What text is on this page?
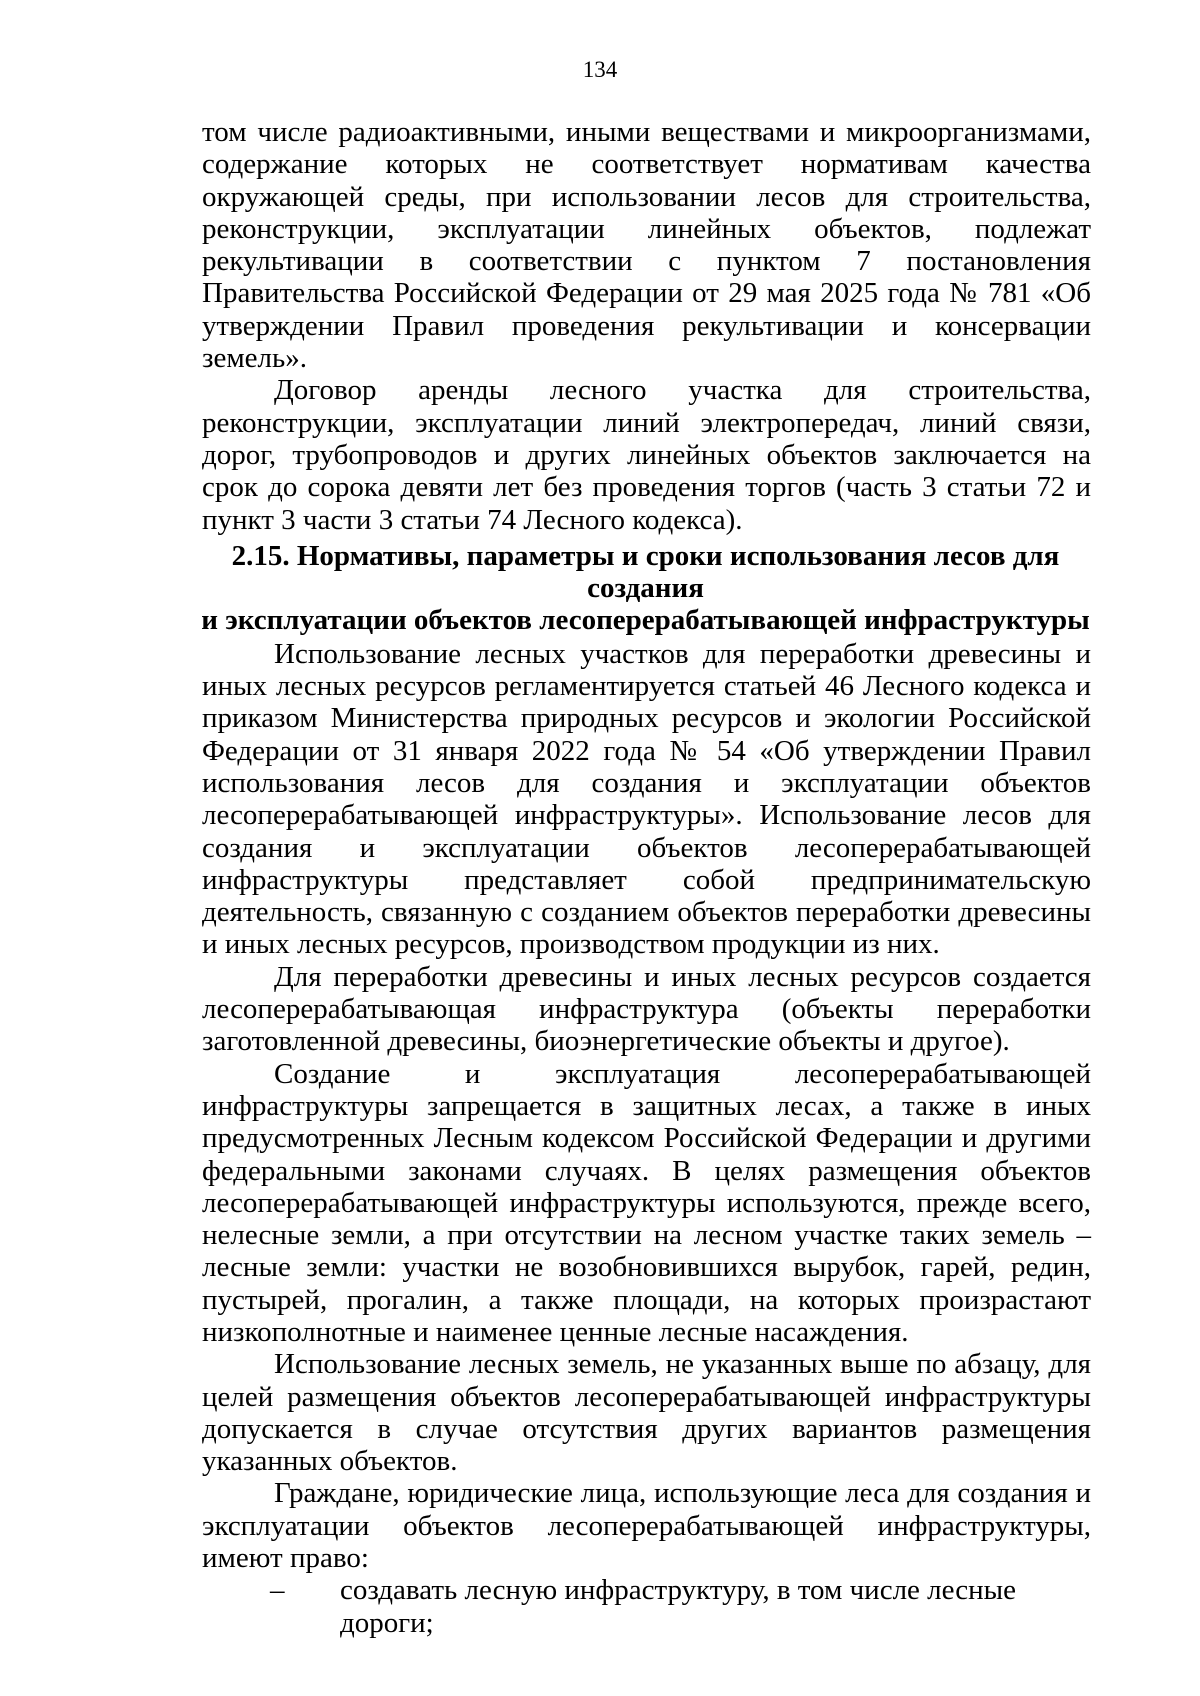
134

том числе радиоактивными, иными веществами и микроорганизмами, содержание которых не соответствует нормативам качества окружающей среды, при использовании лесов для строительства, реконструкции, эксплуатации линейных объектов, подлежат рекультивации в соответствии с пунктом 7 постановления Правительства Российской Федерации от 29 мая 2025 года № 781 «Об утверждении Правил проведения рекультивации и консервации земель».

Договор аренды лесного участка для строительства, реконструкции, эксплуатации линий электропередач, линий связи, дорог, трубопроводов и других линейных объектов заключается на срок до сорока девяти лет без проведения торгов (часть 3 статьи 72 и пункт 3 части 3 статьи 74 Лесного кодекса).

2.15. Нормативы, параметры и сроки использования лесов для создания
и эксплуатации объектов лесоперерабатывающей инфраструктуры

Использование лесных участков для переработки древесины и иных лесных ресурсов регламентируется статьей 46 Лесного кодекса и приказом Министерства природных ресурсов и экологии Российской Федерации от 31 января 2022 года № 54 «Об утверждении Правил использования лесов для создания и эксплуатации объектов лесоперерабатывающей инфраструктуры». Использование лесов для создания и эксплуатации объектов лесоперерабатывающей инфраструктуры представляет собой предпринимательскую деятельность, связанную с созданием объектов переработки древесины и иных лесных ресурсов, производством продукции из них.

Для переработки древесины и иных лесных ресурсов создается лесоперерабатывающая инфраструктура (объекты переработки заготовленной древесины, биоэнергетические объекты и другое).

Создание и эксплуатация лесоперерабатывающей инфраструктуры запрещается в защитных лесах, а также в иных предусмотренных Лесным кодексом Российской Федерации и другими федеральными законами случаях. В целях размещения объектов лесоперерабатывающей инфраструктуры используются, прежде всего, нелесные земли, а при отсутствии на лесном участке таких земель – лесные земли: участки не возобновившихся вырубок, гарей, редин, пустырей, прогалин, а также площади, на которых произрастают низкополнотные и наименее ценные лесные насаждения.

Использование лесных земель, не указанных выше по абзацу, для целей размещения объектов лесоперерабатывающей инфраструктуры допускается в случае отсутствия других вариантов размещения указанных объектов.

Граждане, юридические лица, использующие леса для создания и эксплуатации объектов лесоперерабатывающей инфраструктуры, имеют право:

–	создавать лесную инфраструктуру, в том числе лесные дороги;
